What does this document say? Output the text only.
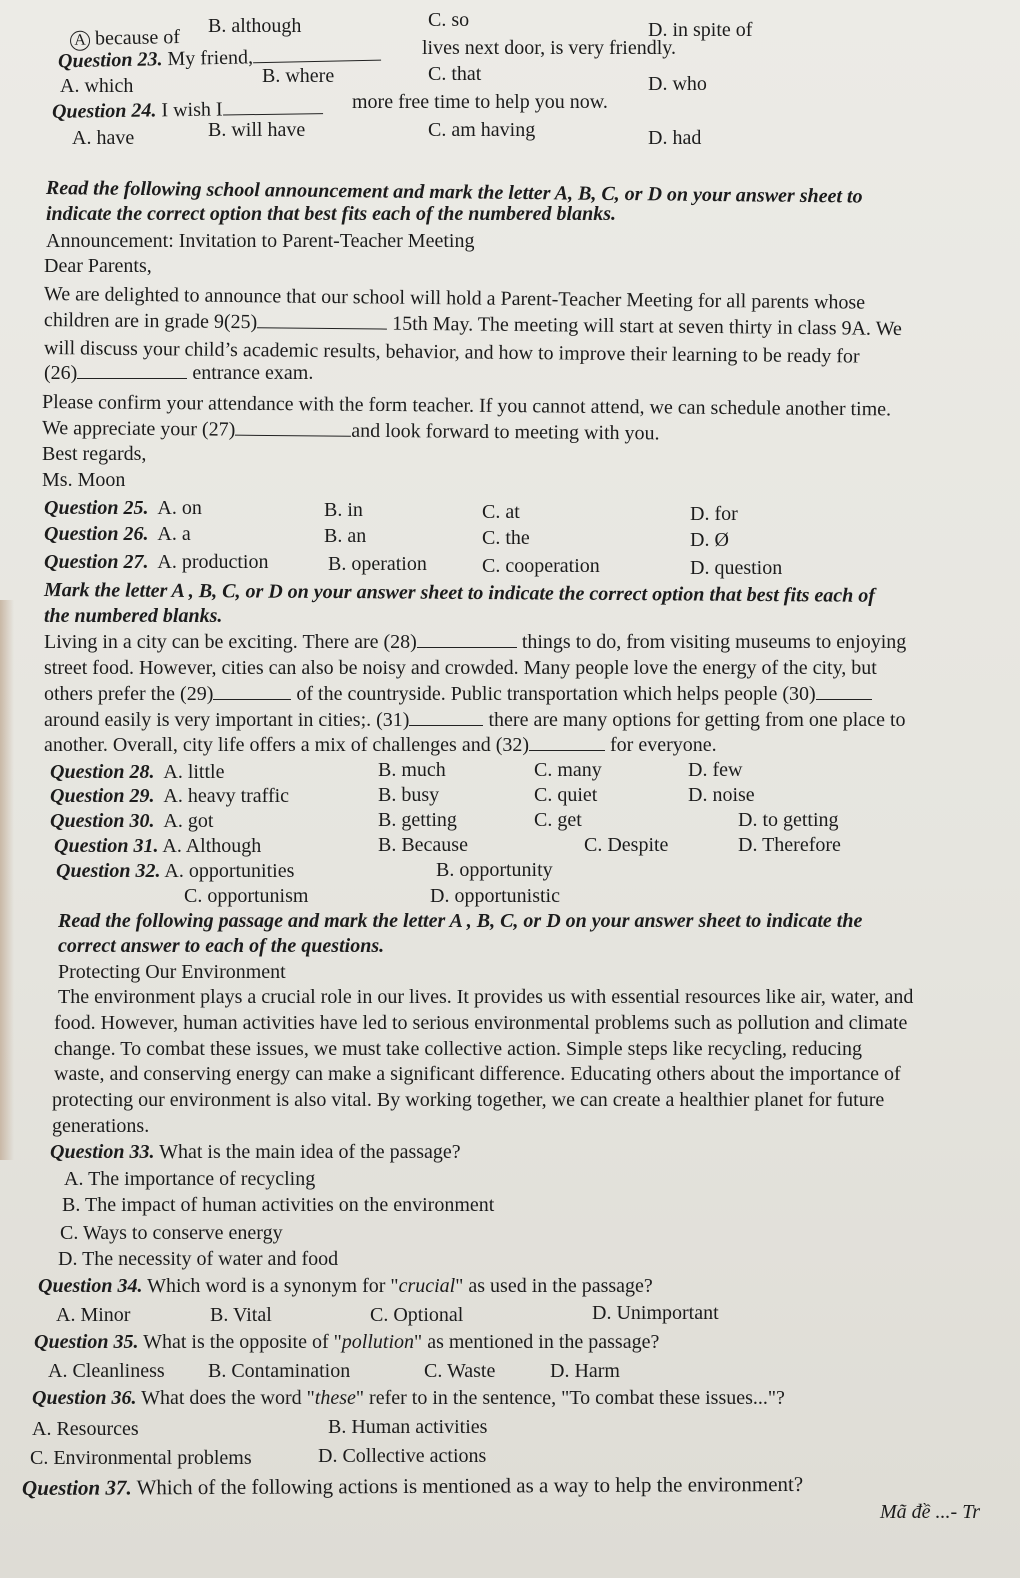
A because of
B. although	C. so	D. in spite of
Question 23. My friend,	lives next door, is very friendly.
A. which	B. where	C. that	D. who
Question 24. I wish I	more free time to help you now.
A. have	B. will have	C. am having	D. had
Read the following school announcement and mark the letter A, B, C, or D on your answer sheet to
indicate the correct option that best fits each of the numbered blanks.
Announcement: Invitation to Parent-Teacher Meeting
Dear Parents,
We are delighted to announce that our school will hold a Parent-Teacher Meeting for all parents whose
children are in grade 9(25)	15th May. The meeting will start at seven thirty in class 9A. We
will discuss your child’s academic results, behavior, and how to improve their learning to be ready for
(26)	entrance exam.
Please confirm your attendance with the form teacher. If you cannot attend, we can schedule another time.
We appreciate your (27)	and look forward to meeting with you.
Best regards,
Ms. Moon
Question 25. A. on	B. in	C. at	D. for
Question 26. A. a	B. an	C. the	D. Ø
Question 27. A. production	B. operation	C. cooperation	D. question
Mark the letter A , B, C, or D on your answer sheet to indicate the correct option that best fits each of
the numbered blanks.
Living in a city can be exciting. There are (28)	things to do, from visiting museums to enjoying
street food. However, cities can also be noisy and crowded. Many people love the energy of the city, but
others prefer the (29)	of the countryside. Public transportation which helps people (30)
around easily is very important in cities;. (31)	there are many options for getting from one place to
another. Overall, city life offers a mix of challenges and (32)	for everyone.
Question 28. A. little	B. much	C. many	D. few
Question 29. A. heavy traffic	B. busy	C. quiet	D. noise
Question 30. A. got	B. getting	C. get	D. to getting
Question 31. A. Although	B. Because	C. Despite	D. Therefore
Question 32. A. opportunities	B. opportunity
C. opportunism	D. opportunistic
Read the following passage and mark the letter A , B, C, or D on your answer sheet to indicate the
correct answer to each of the questions.
Protecting Our Environment
The environment plays a crucial role in our lives. It provides us with essential resources like air, water, and
food. However, human activities have led to serious environmental problems such as pollution and climate
change. To combat these issues, we must take collective action. Simple steps like recycling, reducing
waste, and conserving energy can make a significant difference. Educating others about the importance of
protecting our environment is also vital. By working together, we can create a healthier planet for future
generations.
Question 33. What is the main idea of the passage?
A. The importance of recycling
B. The impact of human activities on the environment
C. Ways to conserve energy
D. The necessity of water and food
Question 34. Which word is a synonym for "crucial" as used in the passage?
A. Minor	B. Vital	C. Optional	D. Unimportant
Question 35. What is the opposite of "pollution" as mentioned in the passage?
A. Cleanliness B. Contamination	C. Waste	D. Harm
Question 36. What does the word "these" refer to in the sentence, "To combat these issues..."?
A. Resources	B. Human activities
C. Environmental problems	D. Collective actions
Question 37. Which of the following actions is mentioned as a way to help the environment?
Mã đề ...- Tr
